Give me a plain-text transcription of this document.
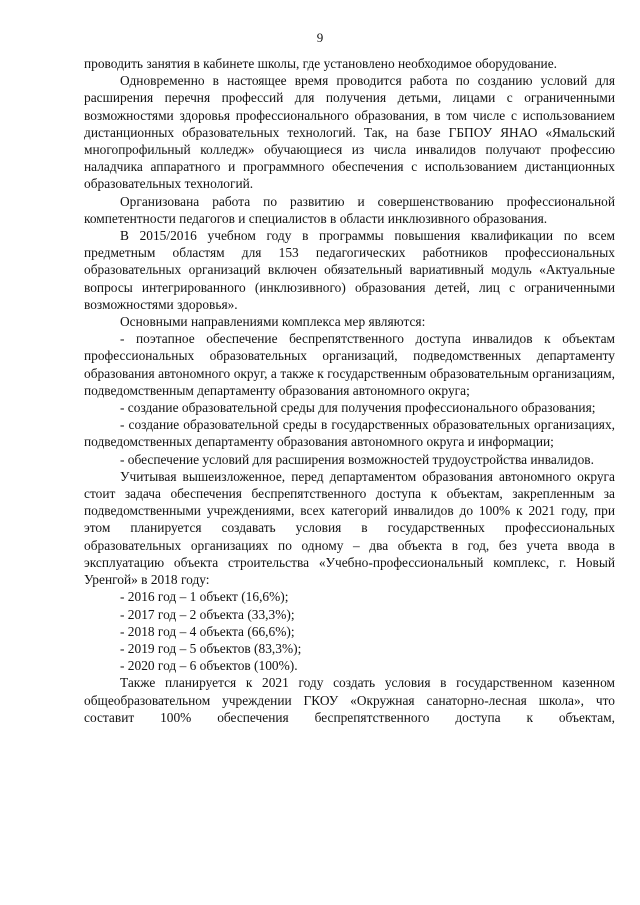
9

проводить занятия в кабинете школы, где установлено необходимое оборудование.

Одновременно в настоящее время проводится работа по созданию условий для расширения перечня профессий для получения детьми, лицами с ограниченными возможностями здоровья профессионального образования, в том числе с использованием дистанционных образовательных технологий. Так, на базе ГБПОУ ЯНАО «Ямальский многопрофильный колледж» обучающиеся из числа инвалидов получают профессию наладчика аппаратного и программного обеспечения с использованием дистанционных образовательных технологий.

Организована работа по развитию и совершенствованию профессиональной компетентности педагогов и специалистов в области инклюзивного образования.

В 2015/2016 учебном году в программы повышения квалификации по всем предметным областям для 153 педагогических работников профессиональных образовательных организаций включен обязательный вариативный модуль «Актуальные вопросы интегрированного (инклюзивного) образования детей, лиц с ограниченными возможностями здоровья».

Основными направлениями комплекса мер являются:

- поэтапное обеспечение беспрепятственного доступа инвалидов к объектам профессиональных образовательных организаций, подведомственных департаменту образования автономного округ, а также к государственным образовательным организациям, подведомственным департаменту образования автономного округа;

- создание образовательной среды для получения профессионального образования;

- создание образовательной среды в государственных образовательных организациях, подведомственных департаменту образования автономного округа и информации;

- обеспечение условий для расширения возможностей трудоустройства инвалидов.

Учитывая вышеизложенное, перед департаментом образования автономного округа стоит задача обеспечения беспрепятственного доступа к объектам, закрепленным за подведомственными учреждениями, всех категорий инвалидов до 100% к 2021 году, при этом планируется создавать условия в государственных профессиональных образовательных организациях по одному – два объекта в год, без учета ввода в эксплуатацию объекта строительства «Учебно-профессиональный комплекс, г. Новый Уренгой» в 2018 году:

- 2016 год – 1 объект (16,6%);
- 2017 год – 2 объекта (33,3%);
- 2018 год – 4 объекта (66,6%);
- 2019 год – 5 объектов (83,3%);
- 2020 год – 6 объектов (100%).

Также планируется к 2021 году создать условия в государственном казенном общеобразовательном учреждении ГКОУ «Окружная санаторно-лесная школа», что составит 100% обеспечения беспрепятственного доступа к объектам,
